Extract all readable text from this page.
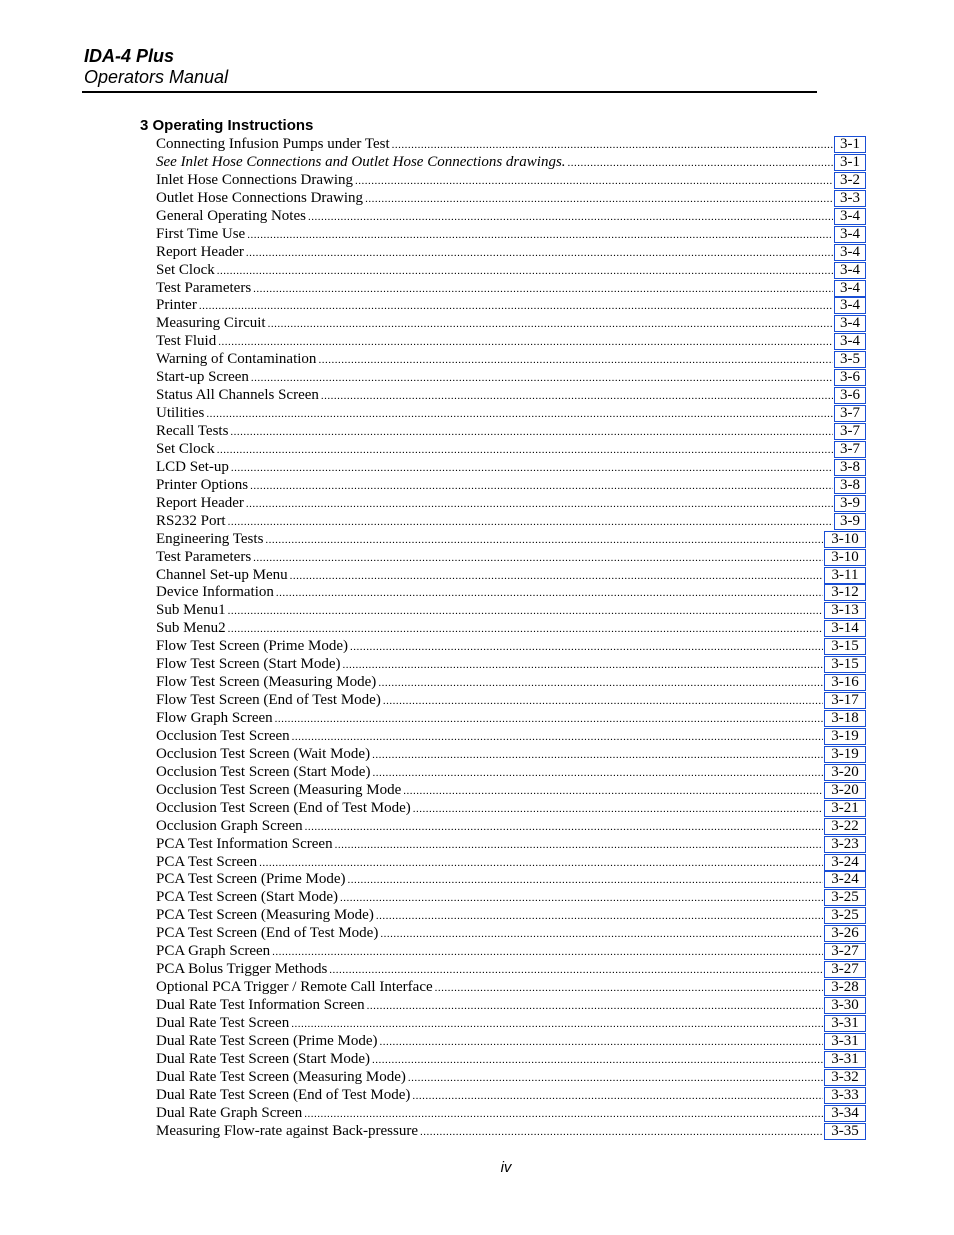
IDA-4 Plus
Operators Manual
3 Operating Instructions
Connecting Infusion Pumps under Test .....	3-1
See Inlet Hose Connections and Outlet Hose Connections drawings. .....	3-1
Inlet Hose Connections Drawing .....	3-2
Outlet Hose Connections Drawing .....	3-3
General Operating Notes .....	3-4
First Time Use .....	3-4
Report Header .....	3-4
Set Clock .....	3-4
Test Parameters .....	3-4
Printer .....	3-4
Measuring Circuit .....	3-4
Test Fluid .....	3-4
Warning of Contamination .....	3-5
Start-up Screen .....	3-6
Status All Channels Screen .....	3-6
Utilities .....	3-7
Recall Tests .....	3-7
Set Clock .....	3-7
LCD Set-up .....	3-8
Printer Options .....	3-8
Report Header .....	3-9
RS232 Port .....	3-9
Engineering Tests .....	3-10
Test Parameters .....	3-10
Channel Set-up Menu .....	3-11
Device Information .....	3-12
Sub Menu1 .....	3-13
Sub Menu2 .....	3-14
Flow Test Screen (Prime Mode) .....	3-15
Flow Test Screen (Start Mode) .....	3-15
Flow Test Screen (Measuring Mode) .....	3-16
Flow Test Screen (End of Test Mode) .....	3-17
Flow Graph Screen .....	3-18
Occlusion Test Screen .....	3-19
Occlusion Test Screen (Wait Mode) .....	3-19
Occlusion Test Screen (Start Mode) .....	3-20
Occlusion Test Screen (Measuring Mode .....	3-20
Occlusion Test Screen (End of Test Mode) .....	3-21
Occlusion Graph Screen .....	3-22
PCA Test Information Screen .....	3-23
PCA Test Screen .....	3-24
PCA Test Screen (Prime Mode) .....	3-24
PCA Test Screen (Start Mode) .....	3-25
PCA Test Screen (Measuring Mode) .....	3-25
PCA Test Screen (End of Test Mode) .....	3-26
PCA Graph Screen .....	3-27
PCA Bolus Trigger Methods .....	3-27
Optional PCA Trigger / Remote Call Interface .....	3-28
Dual Rate Test Information Screen .....	3-30
Dual Rate Test Screen .....	3-31
Dual Rate Test Screen (Prime Mode) .....	3-31
Dual Rate Test Screen (Start Mode) .....	3-31
Dual Rate Test Screen (Measuring Mode) .....	3-32
Dual Rate Test Screen (End of Test Mode) .....	3-33
Dual Rate Graph Screen .....	3-34
Measuring Flow-rate against Back-pressure .....	3-35
iv
